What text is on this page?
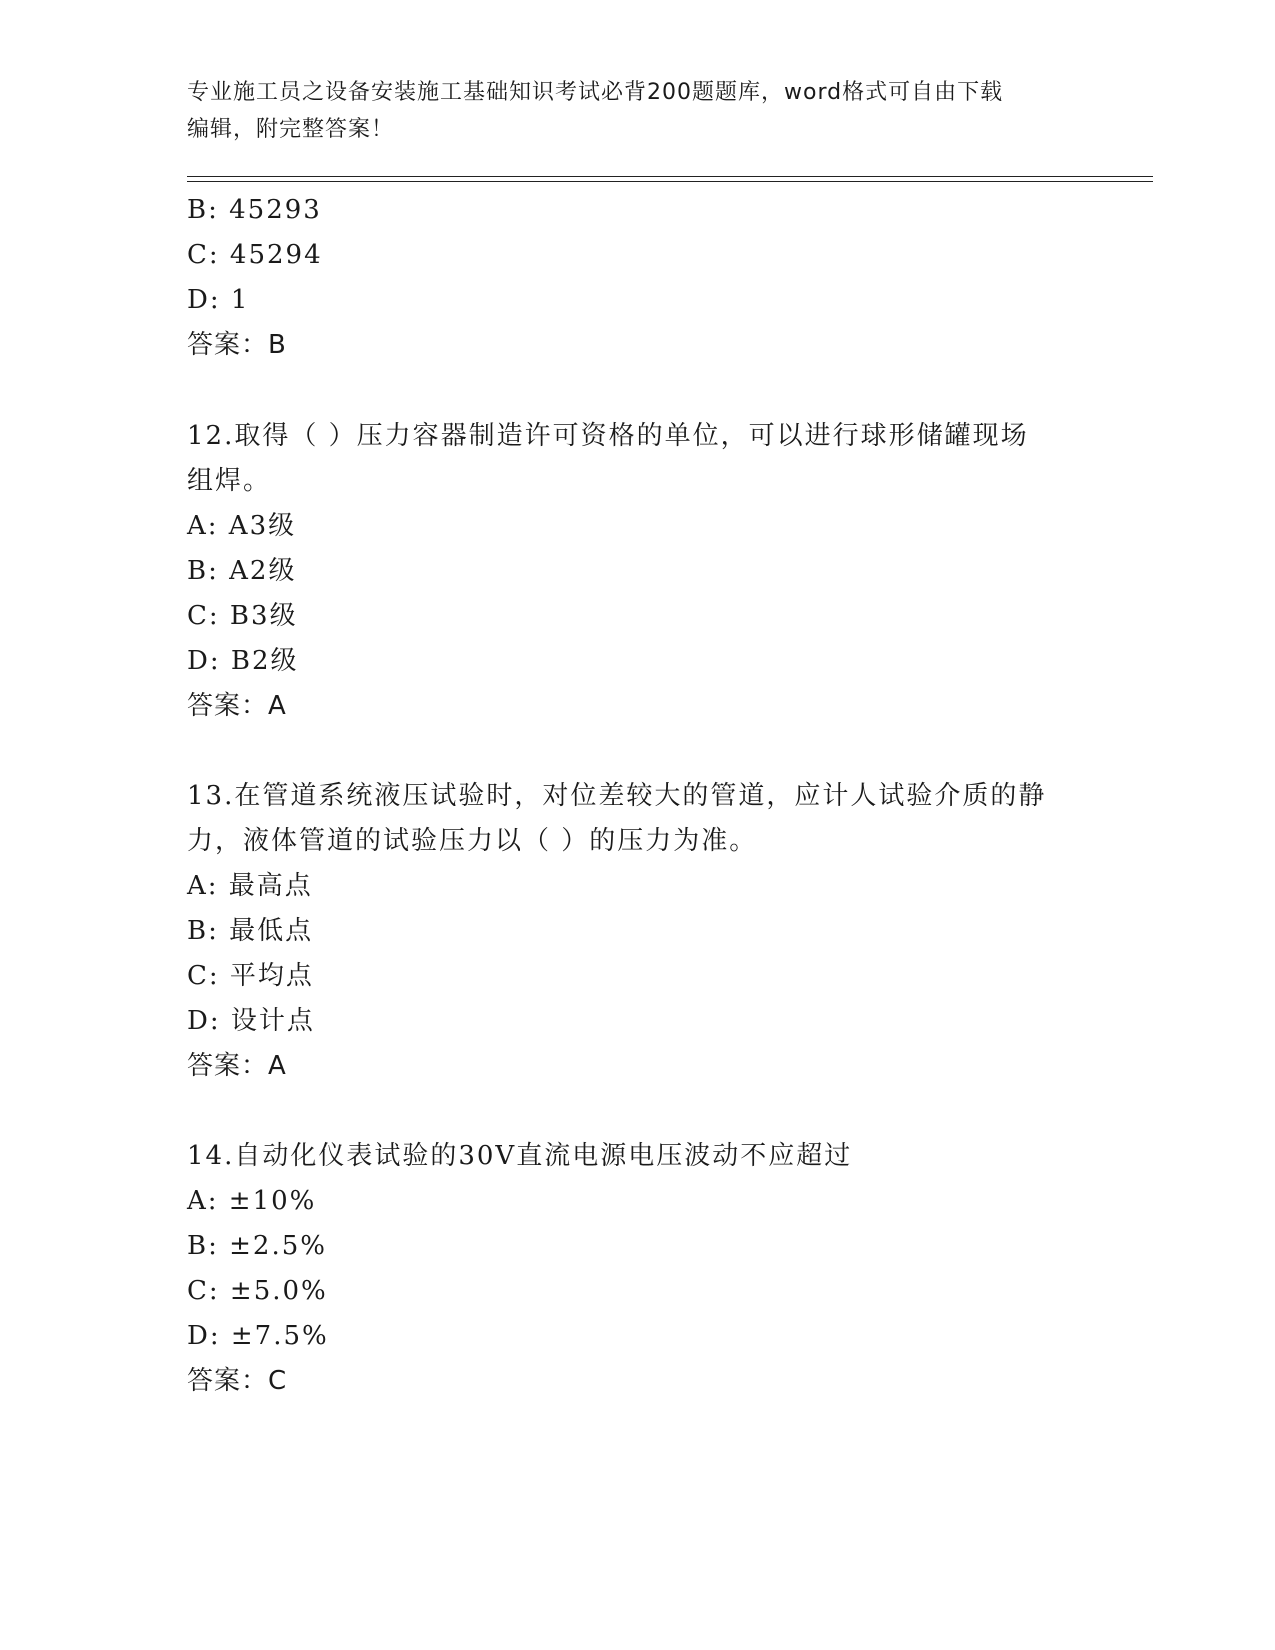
专业施工员之设备安装施工基础知识考试必背200题题库，word格式可自由下载
编辑，附完整答案！
B: 45293
C: 45294
D: 1
答案：B
12.取得（ ）压力容器制造许可资格的单位，可以进行球形储罐现场
组焊。
A: A3级
B: A2级
C: B3级
D: B2级
答案：A
13.在管道系统液压试验时，对位差较大的管道，应计人试验介质的静
力，液体管道的试验压力以（ ）的压力为准。
A: 最高点
B: 最低点
C: 平均点
D: 设计点
答案：A
14.自动化仪表试验的30V直流电源电压波动不应超过
A: ±10%
B: ±2.5%
C: ±5.0%
D: ±7.5%
答案：C
